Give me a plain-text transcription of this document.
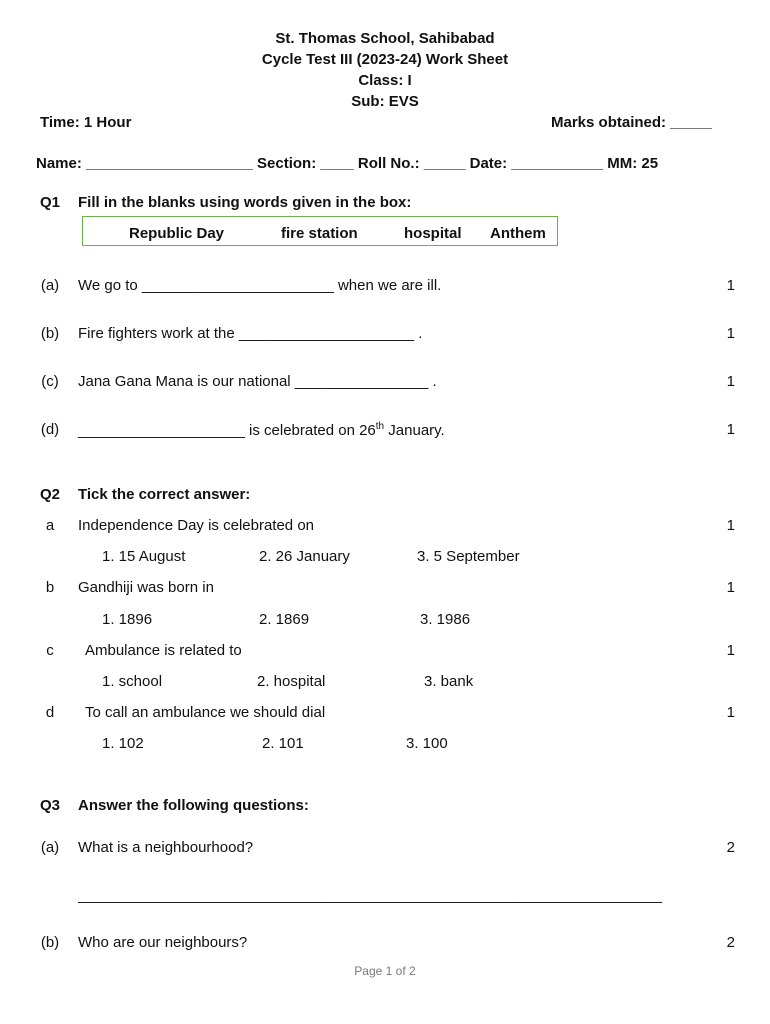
St. Thomas School, Sahibabad
Cycle Test III (2023-24) Work Sheet
Class: I
Sub: EVS
Time: 1 Hour	Marks obtained: _____
Name: ____________________ Section: ____ Roll No.: _____ Date: ___________ MM: 25
Q1 Fill in the blanks using words given in the box:
Republic Day	fire station	hospital Anthem
(a) We go to _______________________ when we are ill.	1
(b) Fire fighters work at the _____________________ .	1
(c) Jana Gana Mana is our national ________________ .	1
(d) ____________________ is celebrated on 26th January.	1
Q2 Tick the correct answer:
a	Independence Day is celebrated on	1
1. 15 August	2. 26 January	3. 5 September
b	Gandhiji was born in	1
1. 1896	2. 1869	3. 1986
c	Ambulance is related to	1
1. school	2. hospital	3. bank
d	To call an ambulance we should dial	1
1. 102	2. 101	3. 100
Q3 Answer the following questions:
(a) What is a neighbourhood?	2
______________________________________________________________________
(b) Who are our neighbours?	2
Page 1 of 2
